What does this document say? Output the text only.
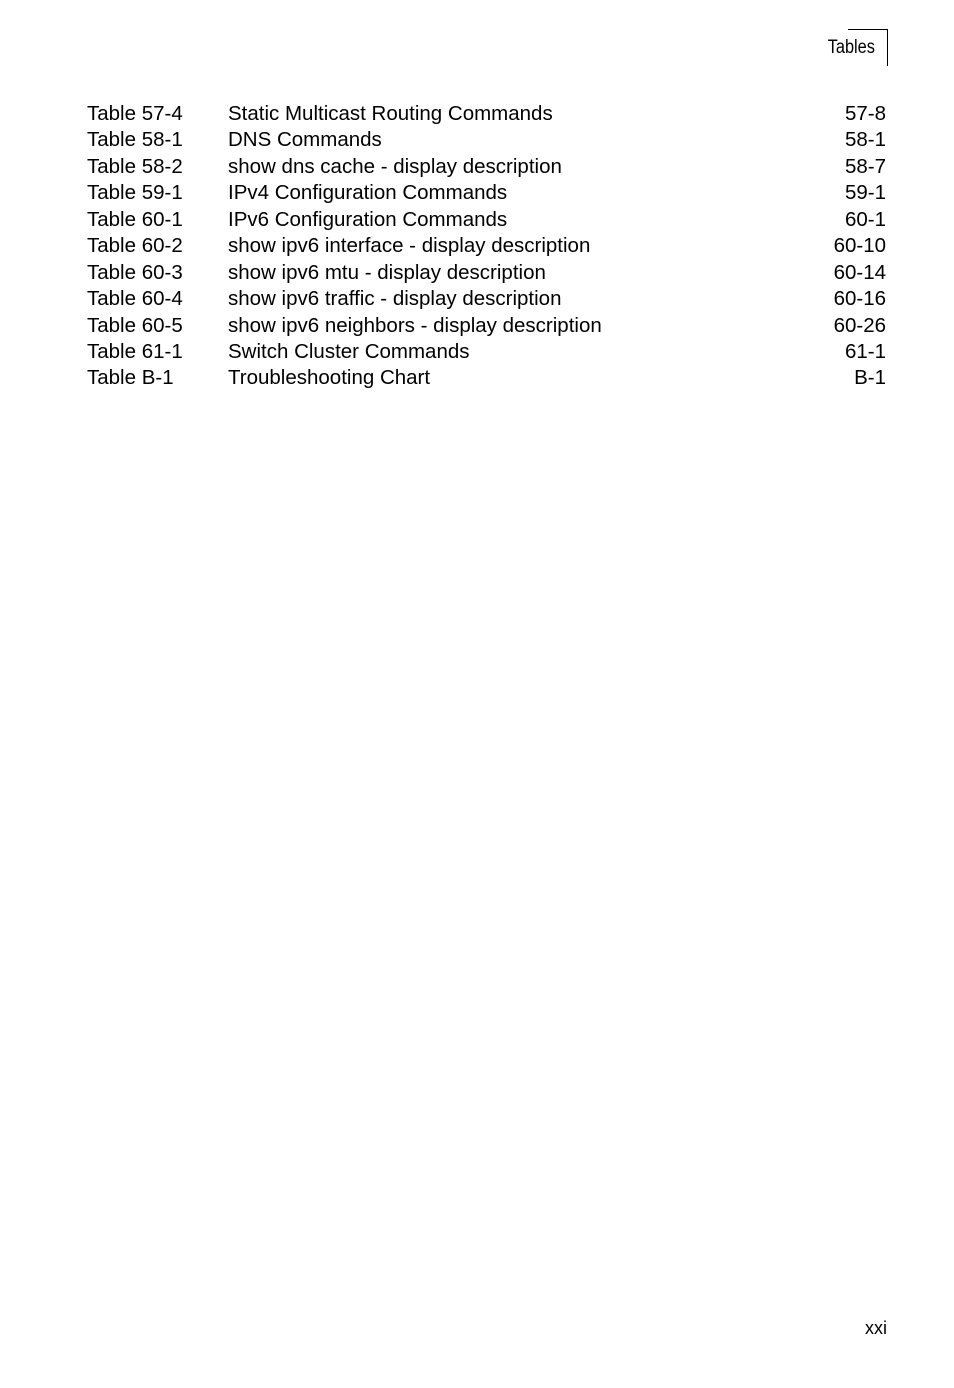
Tables
Table 57-4 Static Multicast Routing Commands	57-8
Table 58-1 DNS Commands	58-1
Table 58-2 show dns cache - display description	58-7
Table 59-1 IPv4 Configuration Commands	59-1
Table 60-1 IPv6 Configuration Commands	60-1
Table 60-2 show ipv6 interface - display description	60-10
Table 60-3 show ipv6 mtu - display description	60-14
Table 60-4 show ipv6 traffic - display description	60-16
Table 60-5 show ipv6 neighbors - display description	60-26
Table 61-1 Switch Cluster Commands	61-1
Table B-1	Troubleshooting Chart	B-1
xxi
